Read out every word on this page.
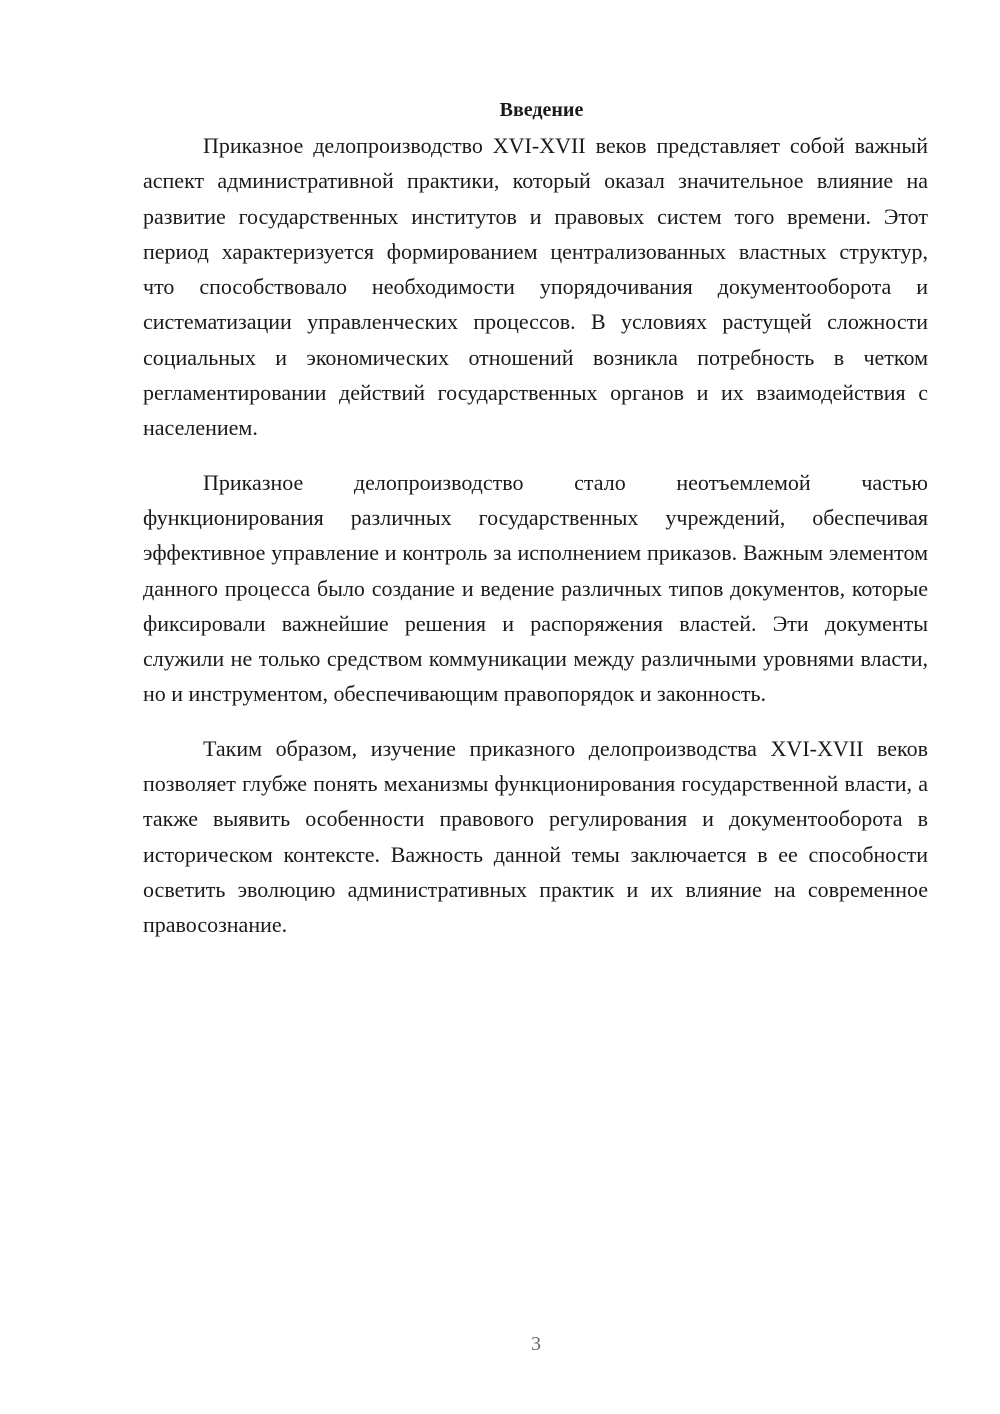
Введение

Приказное делопроизводство XVI-XVII веков представляет собой важный аспект административной практики, который оказал значительное влияние на развитие государственных институтов и правовых систем того времени. Этот период характеризуется формированием централизованных властных структур, что способствовало необходимости упорядочивания документооборота и систематизации управленческих процессов. В условиях растущей сложности социальных и экономических отношений возникла потребность в четком регламентировании действий государственных органов и их взаимодействия с населением.

Приказное делопроизводство стало неотъемлемой частью функционирования различных государственных учреждений, обеспечивая эффективное управление и контроль за исполнением приказов. Важным элементом данного процесса было создание и ведение различных типов документов, которые фиксировали важнейшие решения и распоряжения властей. Эти документы служили не только средством коммуникации между различными уровнями власти, но и инструментом, обеспечивающим правопорядок и законность.

Таким образом, изучение приказного делопроизводства XVI-XVII веков позволяет глубже понять механизмы функционирования государственной власти, а также выявить особенности правового регулирования и документооборота в историческом контексте. Важность данной темы заключается в ее способности осветить эволюцию административных практик и их влияние на современное правосознание.

3
